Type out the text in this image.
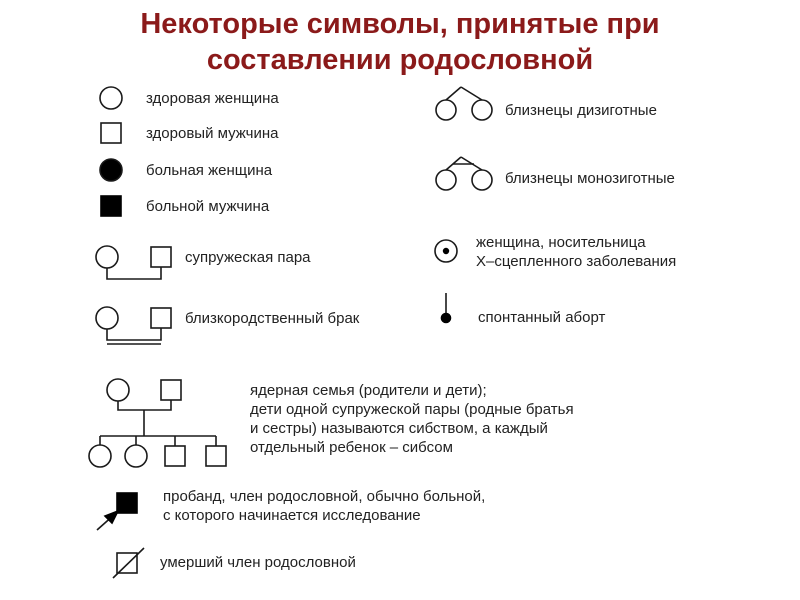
Некоторые символы, принятые при
составлении родословной
здоровая женщина
здоровый мужчина
больная женщина
больной мужчина
супружеская пара
близкородственный брак
близнецы дизиготные
близнецы монозиготные
женщина, носительница
Х–сцепленного заболевания
спонтанный аборт
ядерная семья (родители и дети);
дети одной супружеской пары (родные братья
и сестры) называются сибством, а каждый
отдельный ребенок – сибсом
пробанд, член родословной, обычно больной,
с которого начинается исследование
умерший член родословной
